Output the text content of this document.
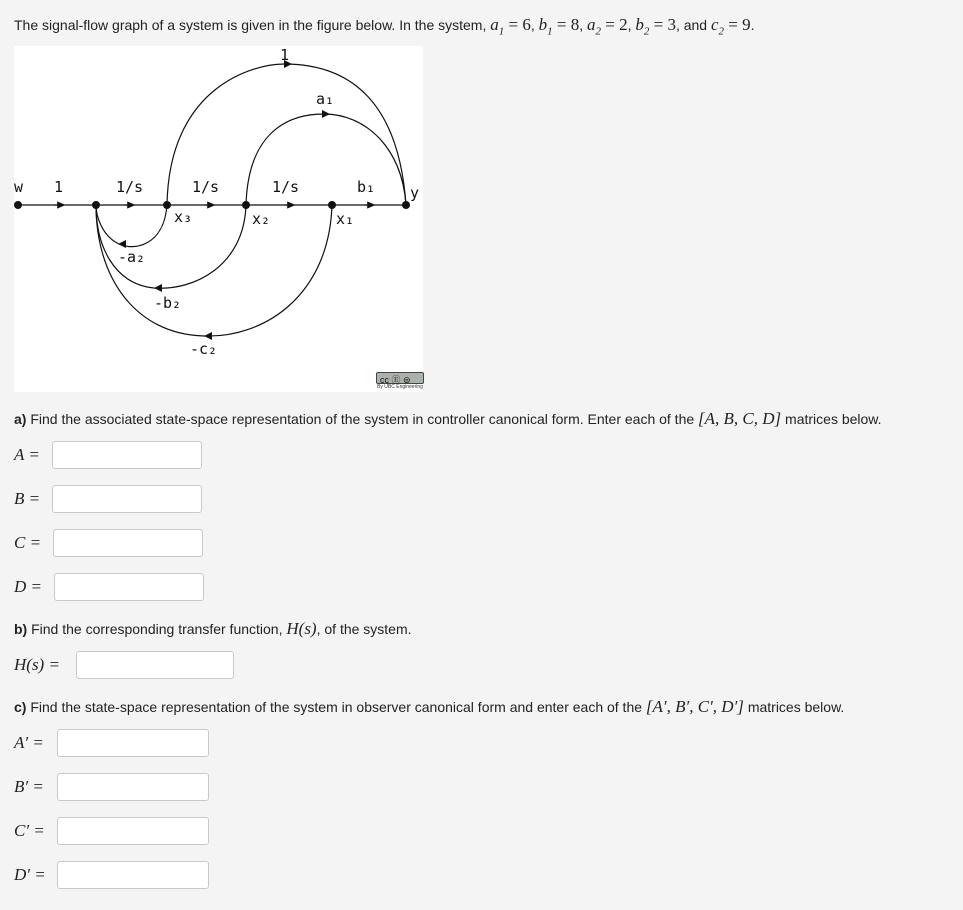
The signal-flow graph of a system is given in the figure below. In the system, $a_1 = 6$, $b_1 = 8$, $a_2 = 2$, $b_2 = 3$, and $c_2 = 9$.
w 1	1/s	1/s	1/s	b₁ y
x₃	x₂	x₁
a₁
1
-a₂
-b₂
-c₂
cc Ⓔ ⊜
By UBC Engineering
a) Find the associated state-space representation of the system in controller canonical form. Enter each of the [A, B, C, D] matrices below.
A =
B =
C =
D =
b) Find the corresponding transfer function, H(s), of the system.
H(s) =
c) Find the state-space representation of the system in observer canonical form and enter each of the [A′, B′, C′, D′] matrices below.
A′ =
B′ =
C′ =
D′ =
